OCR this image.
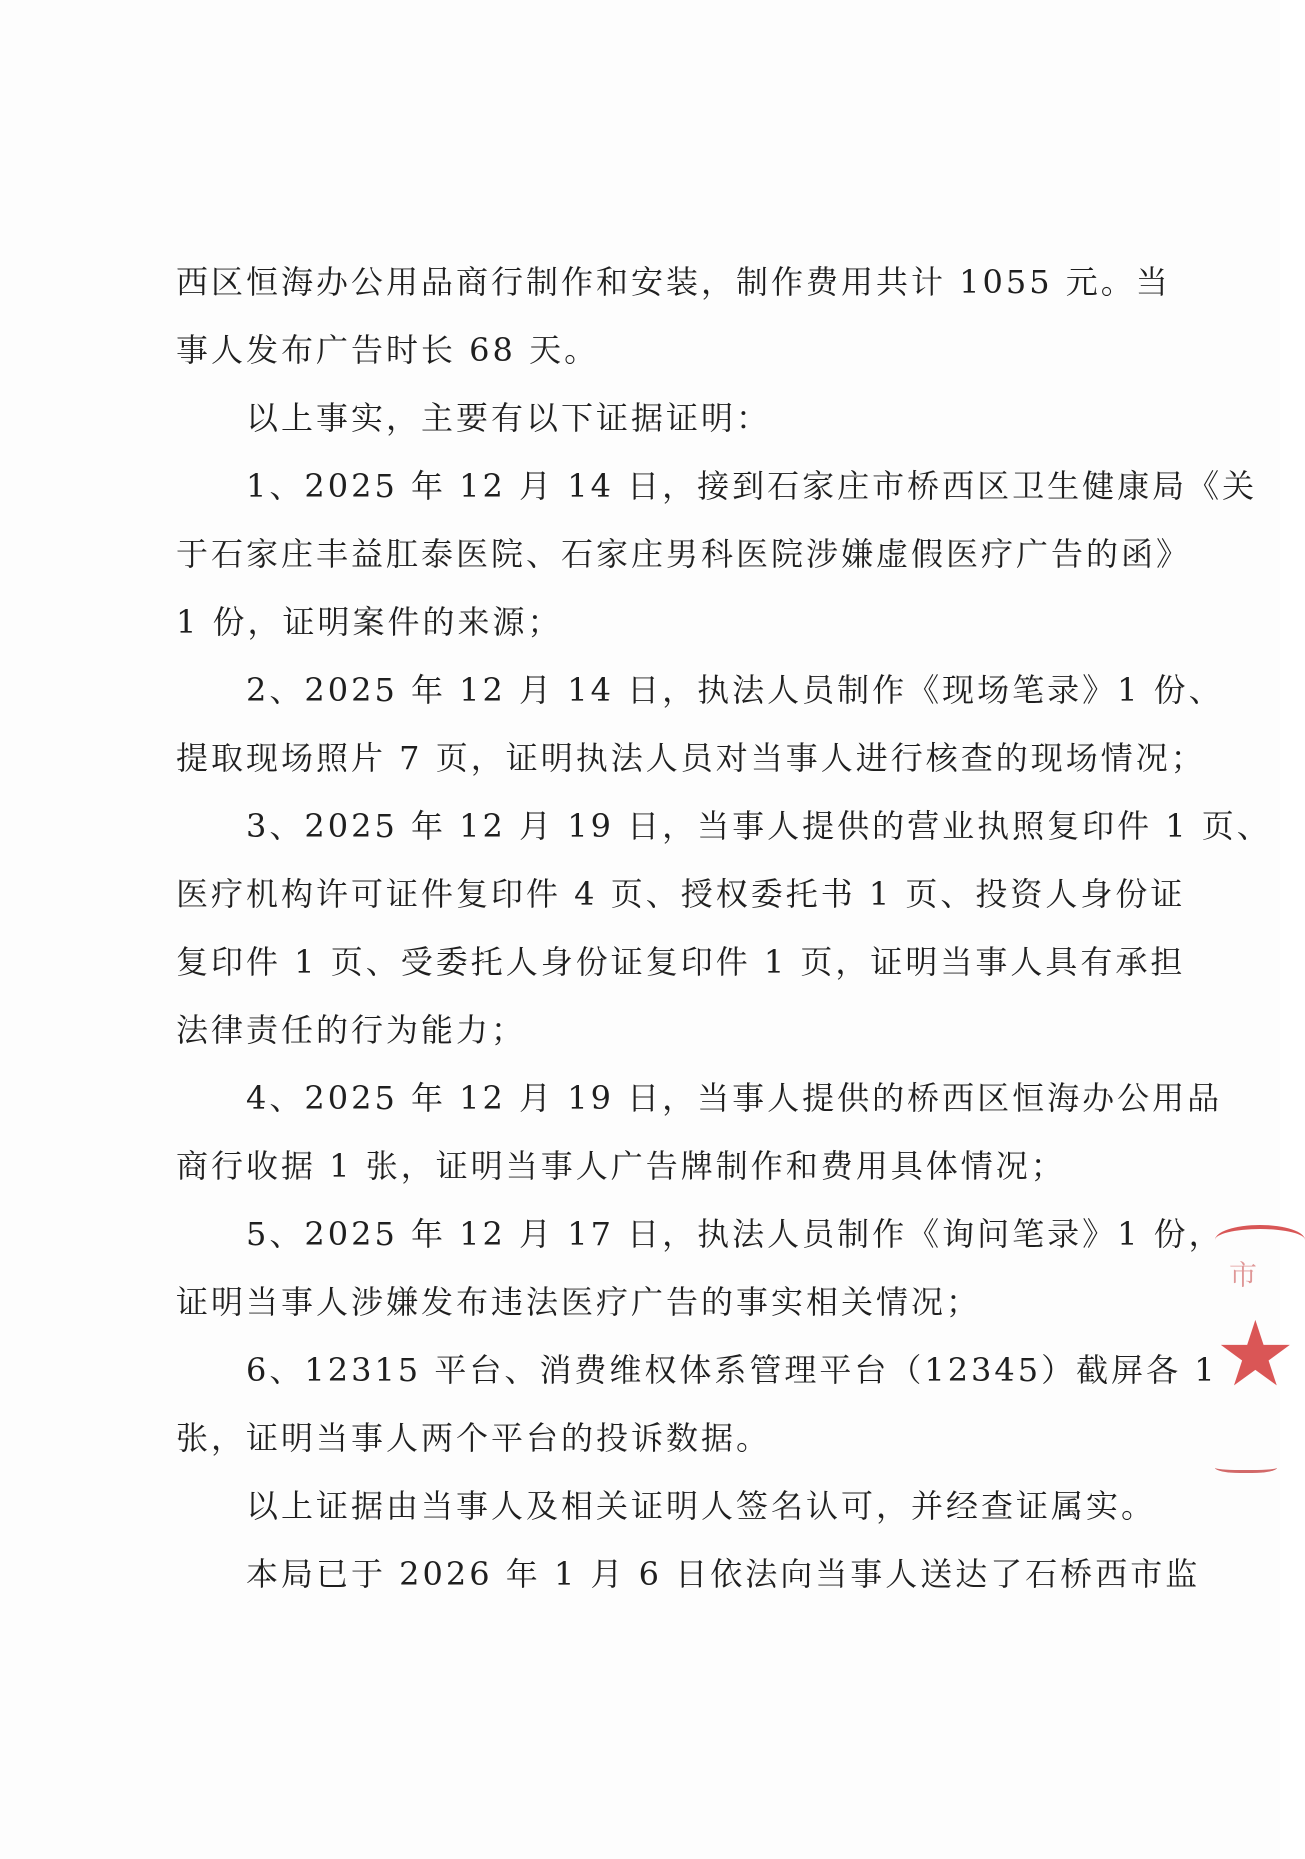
西区恒海办公用品商行制作和安装，制作费用共计 1055 元。当
事人发布广告时长 68 天。
　　以上事实，主要有以下证据证明：
　　1、2025 年 12 月 14 日，接到石家庄市桥西区卫生健康局《关
于石家庄丰益肛泰医院、石家庄男科医院涉嫌虚假医疗广告的函》
1 份，证明案件的来源；
　　2、2025 年 12 月 14 日，执法人员制作《现场笔录》1 份、
提取现场照片 7 页，证明执法人员对当事人进行核查的现场情况；
　　3、2025 年 12 月 19 日，当事人提供的营业执照复印件 1 页、
医疗机构许可证件复印件 4 页、授权委托书 1 页、投资人身份证
复印件 1 页、受委托人身份证复印件 1 页，证明当事人具有承担
法律责任的行为能力；
　　4、2025 年 12 月 19 日，当事人提供的桥西区恒海办公用品
商行收据 1 张，证明当事人广告牌制作和费用具体情况；
　　5、2025 年 12 月 17 日，执法人员制作《询问笔录》1 份，
证明当事人涉嫌发布违法医疗广告的事实相关情况；
　　6、12315 平台、消费维权体系管理平台（12345）截屏各 1
张，证明当事人两个平台的投诉数据。
　　以上证据由当事人及相关证明人签名认可，并经查证属实。
　　本局已于 2026 年 1 月 6 日依法向当事人送达了石桥西市监
市
★
